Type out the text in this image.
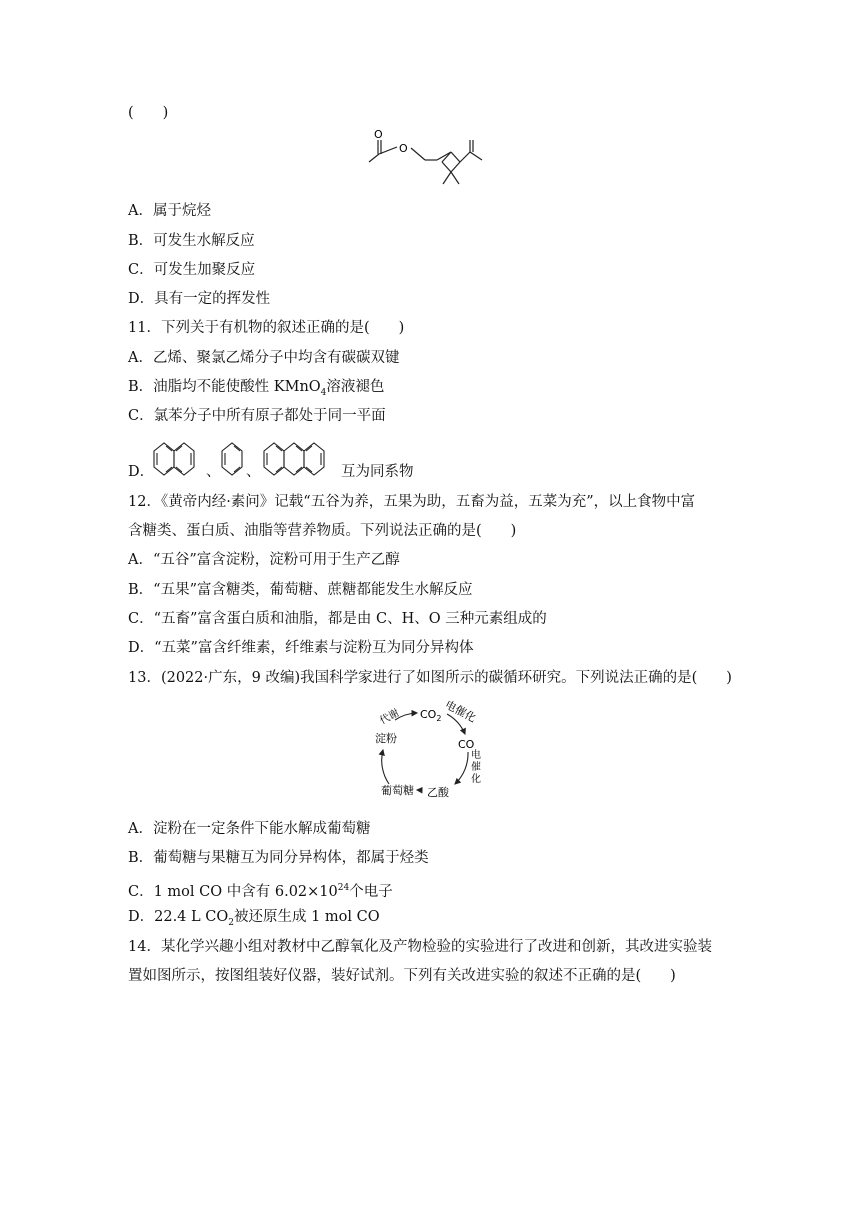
(　　)
O
O
A．属于烷烃
B．可发生水解反应
C．可发生加聚反应
D．具有一定的挥发性
11．下列关于有机物的叙述正确的是(　　)
A．乙烯、聚氯乙烯分子中均含有碳碳双键
B．油脂均不能使酸性 KMnO$_4$溶液褪色
C．氯苯分子中所有原子都处于同一平面
D．	、 、	互为同系物
12．《黄帝内经·素问》记载“五谷为养，五果为助，五畜为益，五菜为充”，以上食物中富
含糖类、蛋白质、油脂等营养物质。下列说法正确的是(　　)
A．“五谷”富含淀粉，淀粉可用于生产乙醇
B．“五果”富含糖类，葡萄糖、蔗糖都能发生水解反应
C．“五畜”富含蛋白质和油脂，都是由 C、H、O 三种元素组成的
D．“五菜”富含纤维素，纤维素与淀粉互为同分异构体
13．(2022·广东，9 改编)我国科学家进行了如图所示的碳循环研究。下列说法正确的是(　　)
$CO_2$ 电催化
CO
电
催
化
乙酸
葡萄糖
淀粉
代谢
A．淀粉在一定条件下能水解成葡萄糖
B．葡萄糖与果糖互为同分异构体，都属于烃类
C．1 mol CO 中含有 $6.02\times 10^{24}$个电子
D．22.4 L $CO_2$被还原生成 1 mol CO
14．某化学兴趣小组对教材中乙醇氧化及产物检验的实验进行了改进和创新，其改进实验装
置如图所示，按图组装好仪器，装好试剂。下列有关改进实验的叙述不正确的是(　　)
